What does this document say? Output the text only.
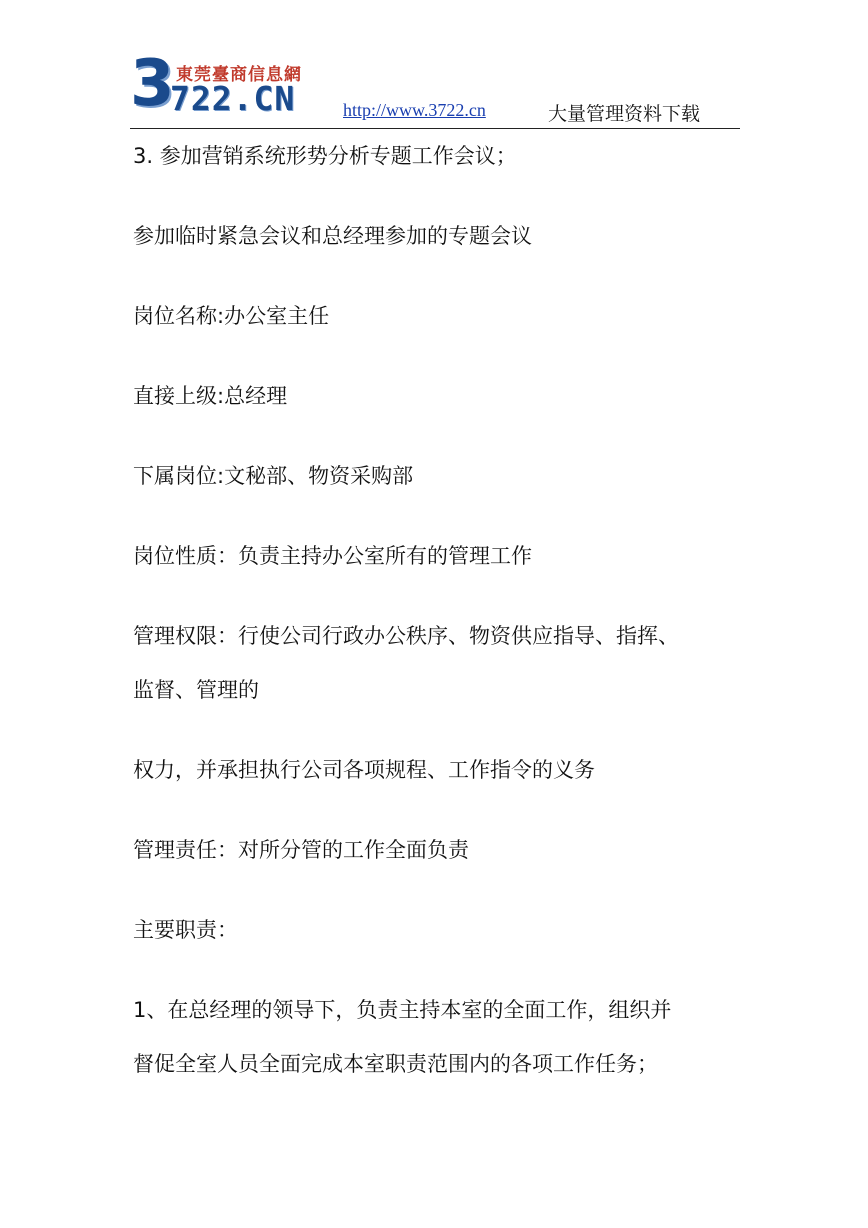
3 東莞臺商信息網
722.CN	http://www.3722.cn	大量管理资料下载
3. 参加营销系统形势分析专题工作会议；
参加临时紧急会议和总经理参加的专题会议
岗位名称:办公室主任
直接上级:总经理
下属岗位:文秘部、物资采购部
岗位性质：负责主持办公室所有的管理工作
管理权限：行使公司行政办公秩序、物资供应指导、指挥、
监督、管理的
权力，并承担执行公司各项规程、工作指令的义务
管理责任：对所分管的工作全面负责
主要职责：
1、在总经理的领导下，负责主持本室的全面工作，组织并
督促全室人员全面完成本室职责范围内的各项工作任务；
